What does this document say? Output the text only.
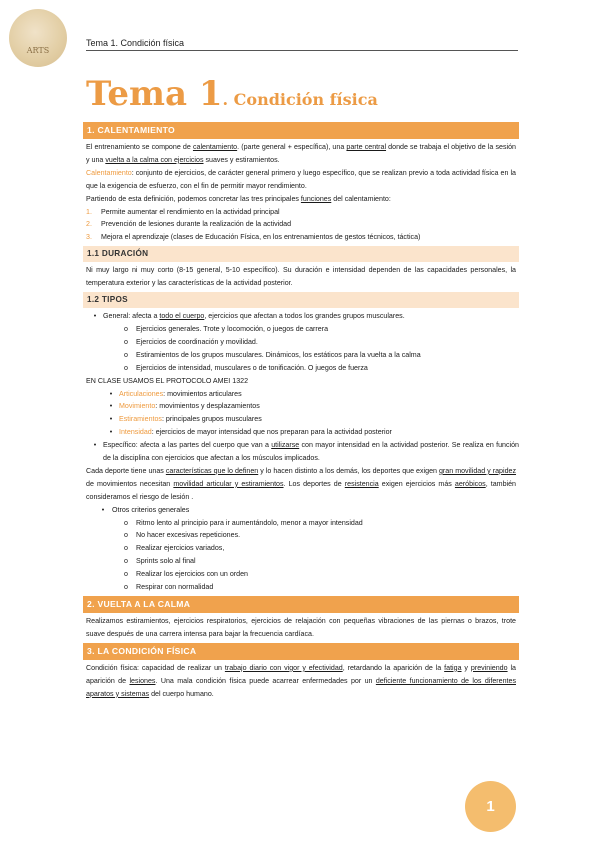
ARTS
Tema 1. Condición física
Tema 1. Condición física
1. CALENTAMIENTO
El entrenamiento se compone de calentamiento. (parte general + específica), una parte central donde se trabaja el objetivo de la sesión y una vuelta a la calma con ejercicios suaves y estiramientos.
Calentamiento: conjunto de ejercicios, de carácter general primero y luego específico, que se realizan previo a toda actividad física en la que la exigencia de esfuerzo, con el fin de permitir mayor rendimiento.
Partiendo de esta definición, podemos concretar las tres principales funciones del calentamiento:
1.	Permite aumentar el rendimiento en la actividad principal
2.	Prevención de lesiones durante la realización de la actividad
3.	Mejora el aprendizaje (clases de Educación Física, en los entrenamientos de gestos técnicos, táctica)
1.1 DURACIÓN
Ni muy largo ni muy corto (8-15 general, 5-10 específico). Su duración e intensidad dependen de las capacidades personales, la temperatura exterior y las características de la actividad posterior.
1.2 TIPOS
• General: afecta a todo el cuerpo, ejercicios que afectan a todos los grandes grupos musculares.
o	Ejercicios generales. Trote y locomoción, o juegos de carrera
o	Ejercicios de coordinación y movilidad.
o	Estiramientos de los grupos musculares. Dinámicos, los estáticos para la vuelta a la calma
o	Ejercicios de intensidad, musculares o de tonificación. O juegos de fuerza
EN CLASE USAMOS EL PROTOCOLO AMEI 1322
• Articulaciones: movimientos articulares
• Movimiento: movimientos y desplazamientos
• Estiramientos: principales grupos musculares
• Intensidad: ejercicios de mayor intensidad que nos preparan para la actividad posterior
• Específico: afecta a las partes del cuerpo que van a utilizarse con mayor intensidad en la actividad posterior. Se realiza en función de la disciplina con ejercicios que afectan a los músculos implicados.
Cada deporte tiene unas características que lo definen y lo hacen distinto a los demás, los deportes que exigen gran movilidad y rapidez de movimientos necesitan movilidad articular y estiramientos. Los deportes de resistencia exigen ejercicios más aeróbicos, también consideramos el riesgo de lesión .
•	Otros criterios generales
o	Ritmo lento al principio para ir aumentándolo, menor a mayor intensidad
o	No hacer excesivas repeticiones.
o	Realizar ejercicios variados,
o	Sprints solo al final
o	Realizar los ejercicios con un orden
o	Respirar con normalidad
2. VUELTA A LA CALMA
Realizamos estiramientos, ejercicios respiratorios, ejercicios de relajación con pequeñas vibraciones de las piernas o brazos, trote suave después de una carrera intensa para bajar la frecuencia cardíaca.
3. LA CONDICIÓN FÍSICA
Condición física: capacidad de realizar un trabajo diario con vigor y efectividad, retardando la aparición de la fatiga y previniendo la aparición de lesiones. Una mala condición física puede acarrear enfermedades por un deficiente funcionamiento de los diferentes aparatos y sistemas del cuerpo humano.
1
